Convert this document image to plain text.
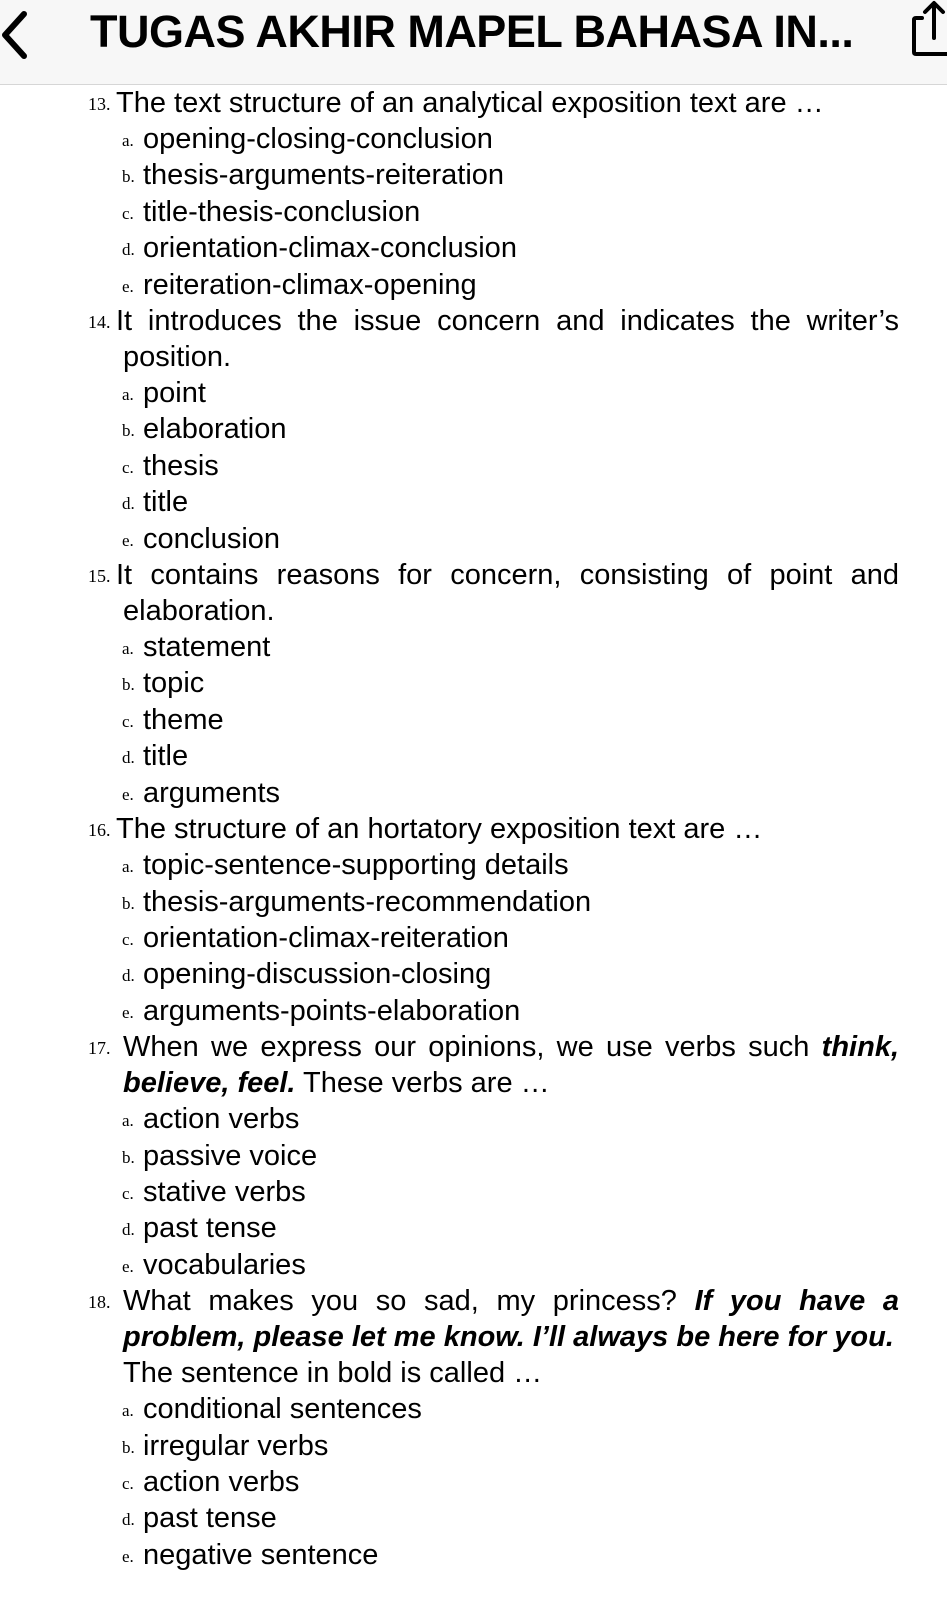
TUGAS AKHIR MAPEL BAHASA IN...
13. The text structure of an analytical exposition text are …
a. opening-closing-conclusion
b. thesis-arguments-reiteration
c. title-thesis-conclusion
d. orientation-climax-conclusion
e. reiteration-climax-opening
14. It introduces the issue concern and indicates the writer’s position.
a. point
b. elaboration
c. thesis
d. title
e. conclusion
15. It contains reasons for concern, consisting of point and elaboration.
a. statement
b. topic
c. theme
d. title
e. arguments
16. The structure of an hortatory exposition text are …
a. topic-sentence-supporting details
b. thesis-arguments-recommendation
c. orientation-climax-reiteration
d. opening-discussion-closing
e. arguments-points-elaboration
17. When we express our opinions, we use verbs such think, believe, feel. These verbs are …
a. action verbs
b. passive voice
c. stative verbs
d. past tense
e. vocabularies
18. What makes you so sad, my princess? If you have a problem, please let me know. I’ll always be here for you.
The sentence in bold is called …
a. conditional sentences
b. irregular verbs
c. action verbs
d. past tense
e. negative sentence
